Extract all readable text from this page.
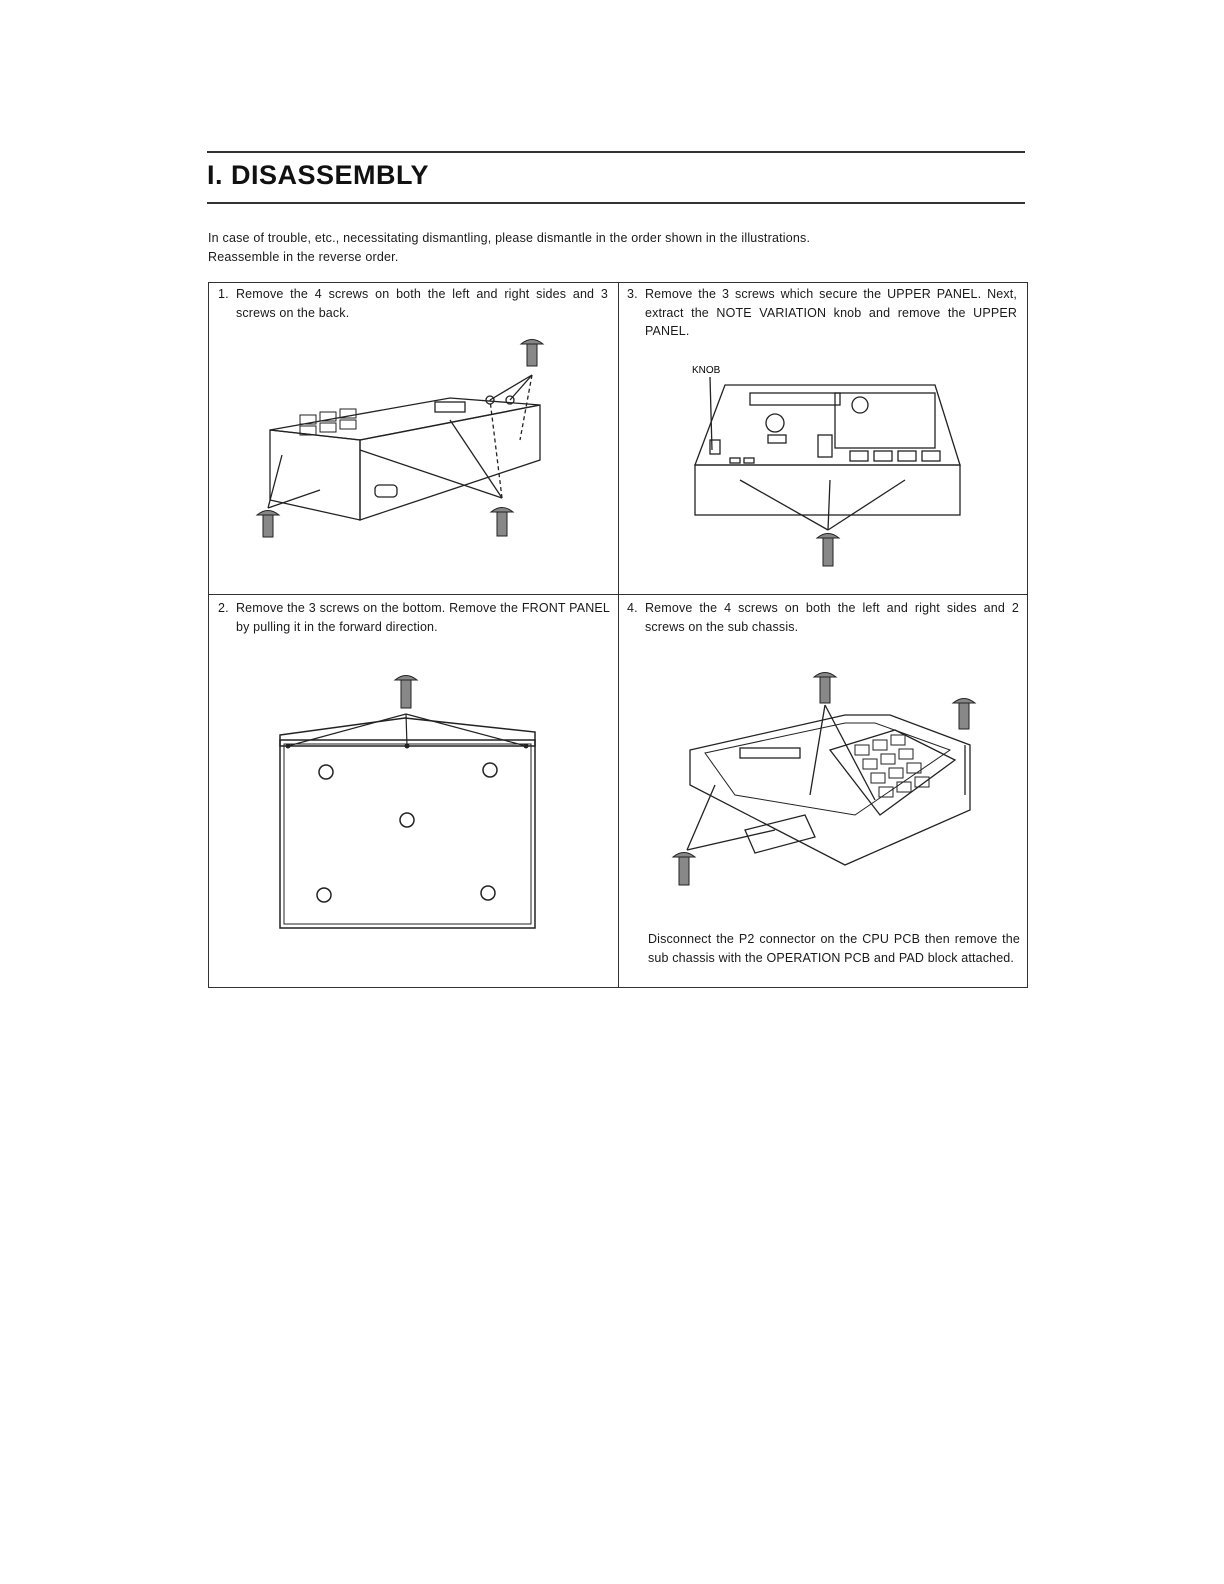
I. DISASSEMBLY

In case of trouble, etc., necessitating dismantling, please dismantle in the order shown in the illustrations.

Reassemble in the reverse order.

1. Remove the 4 screws on both the left and right sides and 3 screws on the back.
3. Remove the 3 screws which secure the UPPER PANEL. Next, extract the NOTE VARIATION knob and remove the UPPER PANEL.
KNOB
2. Remove the 3 screws on the bottom. Remove the FRONT PANEL by pulling it in the forward direction.
4. Remove the 4 screws on both the left and right sides and 2 screws on the sub chassis.
Disconnect the P2 connector on the CPU PCB then remove the sub chassis with the OPERATION PCB and PAD block attached.
